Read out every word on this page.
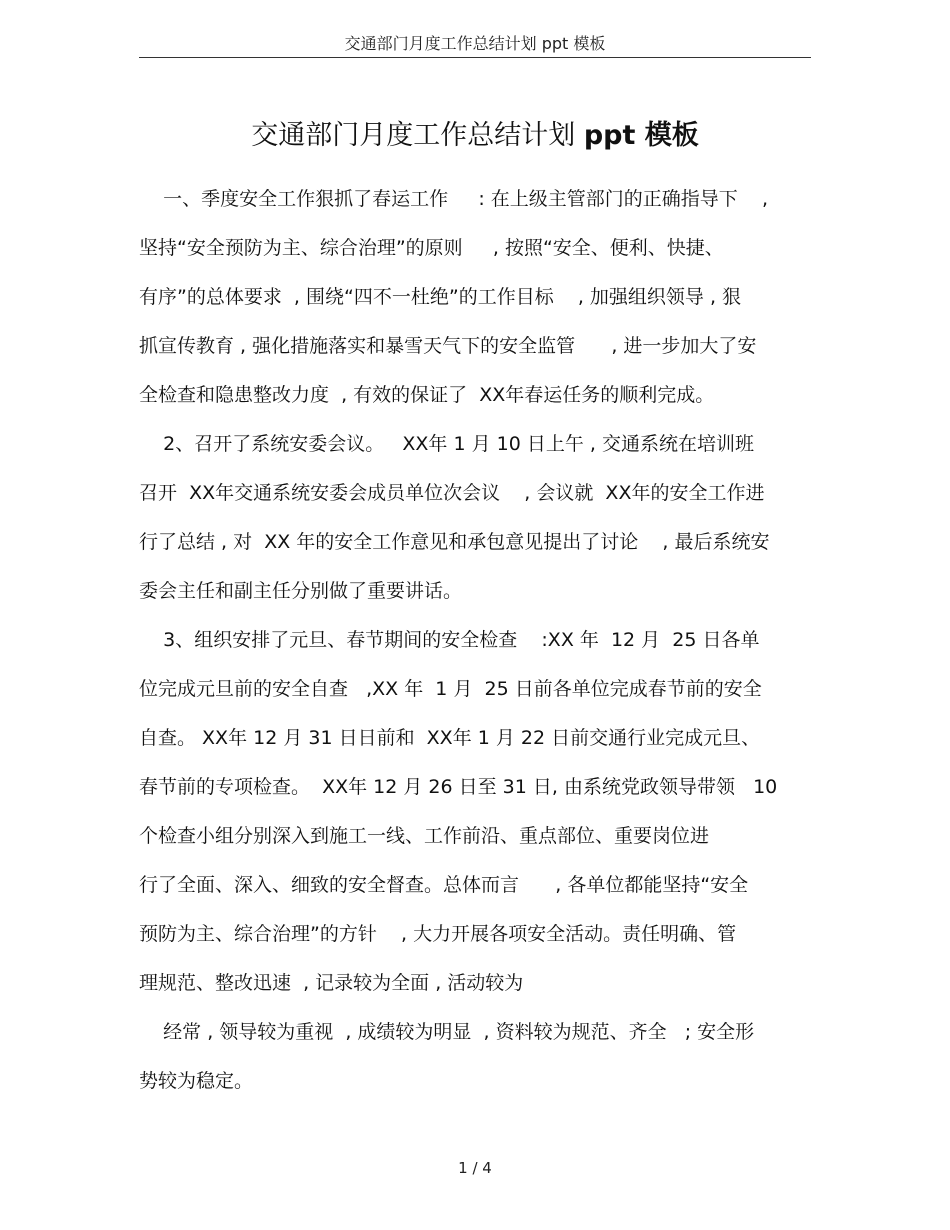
交通部门月度工作总结计划 ppt 模板
交通部门月度工作总结计划 ppt 模板
一、季度安全工作狠抓了春运工作     : 在上级主管部门的正确指导下    ,
坚持“安全预防为主、综合治理”的原则     , 按照“安全、便利、快捷、
有序”的总体要求  , 围绕“四不一杜绝”的工作目标    , 加强组织领导 , 狠
抓宣传教育 , 强化措施落实和暴雪天气下的安全监管      , 进一步加大了安
全检查和隐患整改力度  , 有效的保证了  XX年春运任务的顺利完成。
2、召开了系统安委会议。   XX年 1 月 10 日上午 , 交通系统在培训班
召开  XX年交通系统安委会成员单位次会议    , 会议就  XX年的安全工作进
行了总结 , 对  XX 年的安全工作意见和承包意见提出了讨论    , 最后系统安
委会主任和副主任分别做了重要讲话。
3、组织安排了元旦、春节期间的安全检查    :XX 年  12 月  25 日各单
位完成元旦前的安全自查   ,XX 年  1 月  25 日前各单位完成春节前的安全
自查。 XX年 12 月 31 日日前和  XX年 1 月 22 日前交通行业完成元旦、
春节前的专项检查。  XX年 12 月 26 日至 31 日, 由系统党政领导带领   10
个检查小组分别深入到施工一线、工作前沿、重点部位、重要岗位进
行了全面、深入、细致的安全督查。总体而言      , 各单位都能坚持“安全
预防为主、综合治理”的方针    , 大力开展各项安全活动。责任明确、管
理规范、整改迅速  , 记录较为全面 , 活动较为
经常 , 领导较为重视  , 成绩较为明显  , 资料较为规范、齐全   ; 安全形
势较为稳定。
1 / 4
